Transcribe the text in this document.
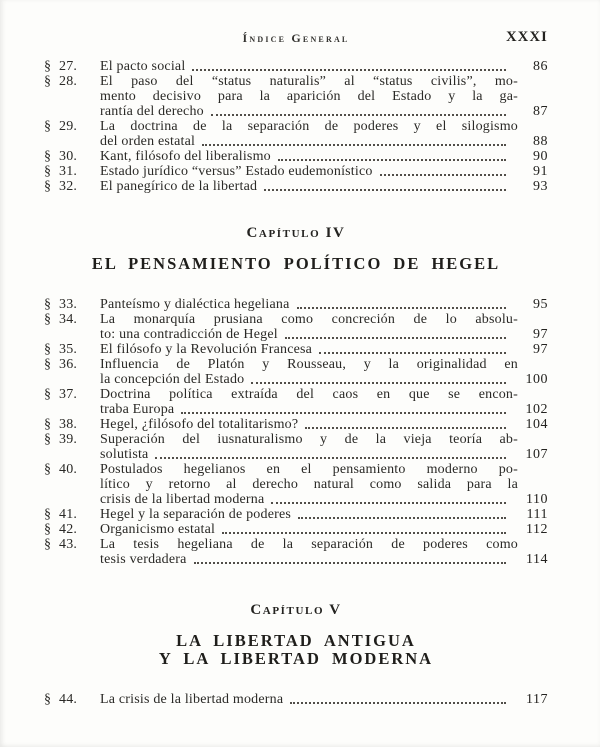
Índice General	XXXI
§ 27. El pacto social	86
§ 28. El paso del “status naturalis” al “status civilis”, mo-
mento decisivo para la aparición del Estado y la ga-
rantía del derecho	87
§ 29. La doctrina de la separación de poderes y el silogismo
del orden estatal	88
§ 30. Kant, filósofo del liberalismo	90
§ 31. Estado jurídico “versus” Estado eudemonístico	91
§ 32. El panegírico de la libertad	93
Capítulo IV
EL PENSAMIENTO POLÍTICO DE HEGEL
§ 33. Panteísmo y dialéctica hegeliana	95
§ 34. La monarquía prusiana como concreción de lo absolu-
to: una contradicción de Hegel	97
§ 35. El filósofo y la Revolución Francesa	97
§ 36. Influencia de Platón y Rousseau, y la originalidad en
la concepción del Estado	100
§ 37. Doctrina política extraída del caos en que se encon-
traba Europa	102
§ 38. Hegel, ¿filósofo del totalitarismo?	104
§ 39. Superación del iusnaturalismo y de la vieja teoría ab-
solutista	107
§ 40. Postulados hegelianos en el pensamiento moderno po-
lítico y retorno al derecho natural como salida para la
crisis de la libertad moderna	110
§ 41. Hegel y la separación de poderes	111
§ 42. Organicismo estatal	112
§ 43. La tesis hegeliana de la separación de poderes como
tesis verdadera	114
Capítulo V
LA LIBERTAD ANTIGUA
Y LA LIBERTAD MODERNA
§ 44. La crisis de la libertad moderna	117
